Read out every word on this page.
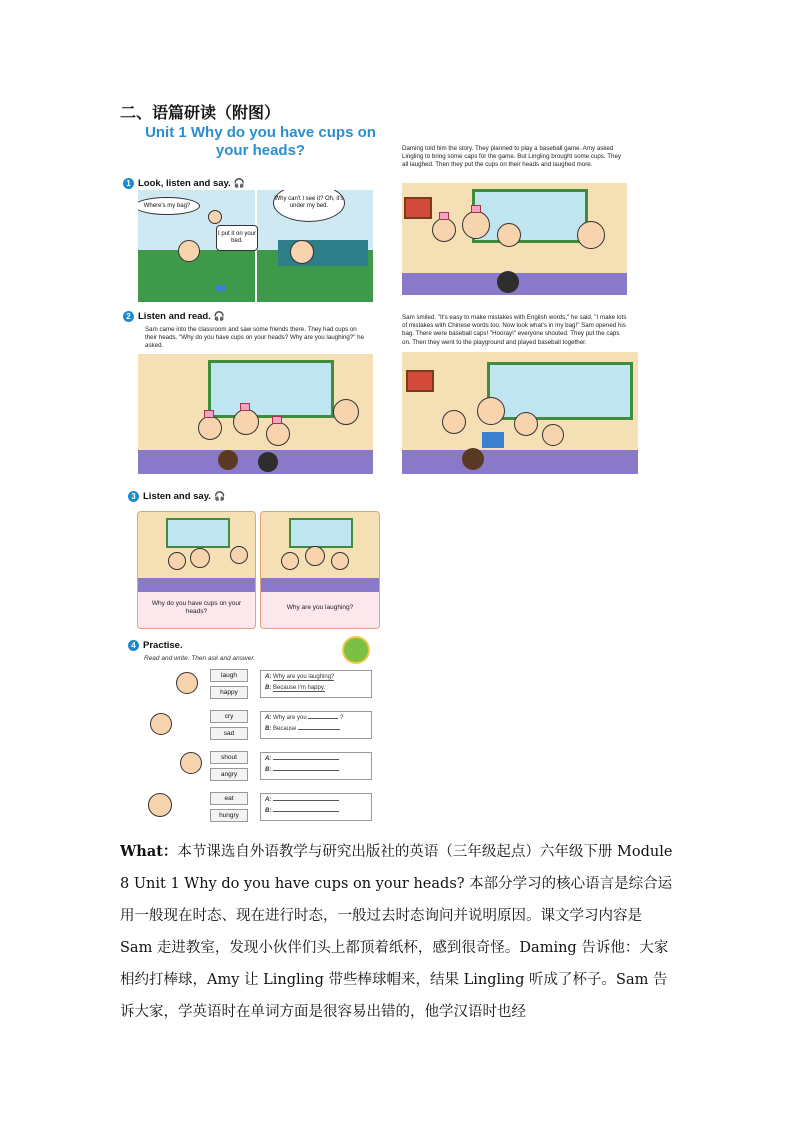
二、语篇研读（附图）
Unit 1 Why do you have cups on your heads?
1 Look, listen and say. 🎧
Where's my bag?
I put it on your bed.
Why can't I see it? Oh, it's under my bed.
2 Listen and read. 🎧
Sam came into the classroom and saw some friends there. They had cups on their heads. "Why do you have cups on your heads? Why are you laughing?" he asked.
Daming told him the story. They planned to play a baseball game. Amy asked Lingling to bring some caps for the game. But Lingling brought some cups. They all laughed. Then they put the cups on their heads and laughed more.
Sam smiled. "It's easy to make mistakes with English words," he said. "I make lots of mistakes with Chinese words too. Now look what's in my bag!" Sam opened his bag. There were baseball caps! "Hooray!" everyone shouted. They put the caps on. Then they went to the playground and played baseball together.
3 Listen and say. 🎧
Why do you have cups on your heads?
Why are you laughing?
4 Practise.
Read and write. Then ask and answer.
laugh
happy
A: Why are you laughing?
B: Because I'm happy.
cry
sad
A: Why are you	?
B: Because
shout
angry
A:
B:
eat
hungry
A:
B:
What：本节课选自外语教学与研究出版社的英语（三年级起点）六年级下册 Module 8 Unit 1 Why do you have cups on your heads? 本部分学习的核心语言是综合运用一般现在时态、现在进行时态，一般过去时态询问并说明原因。课文学习内容是 Sam 走进教室，发现小伙伴们头上都顶着纸杯，感到很奇怪。Daming 告诉他：大家相约打棒球，Amy 让 Lingling 带些棒球帽来，结果 Lingling 听成了杯子。Sam 告诉大家，学英语时在单词方面是很容易出错的，他学汉语时也经
